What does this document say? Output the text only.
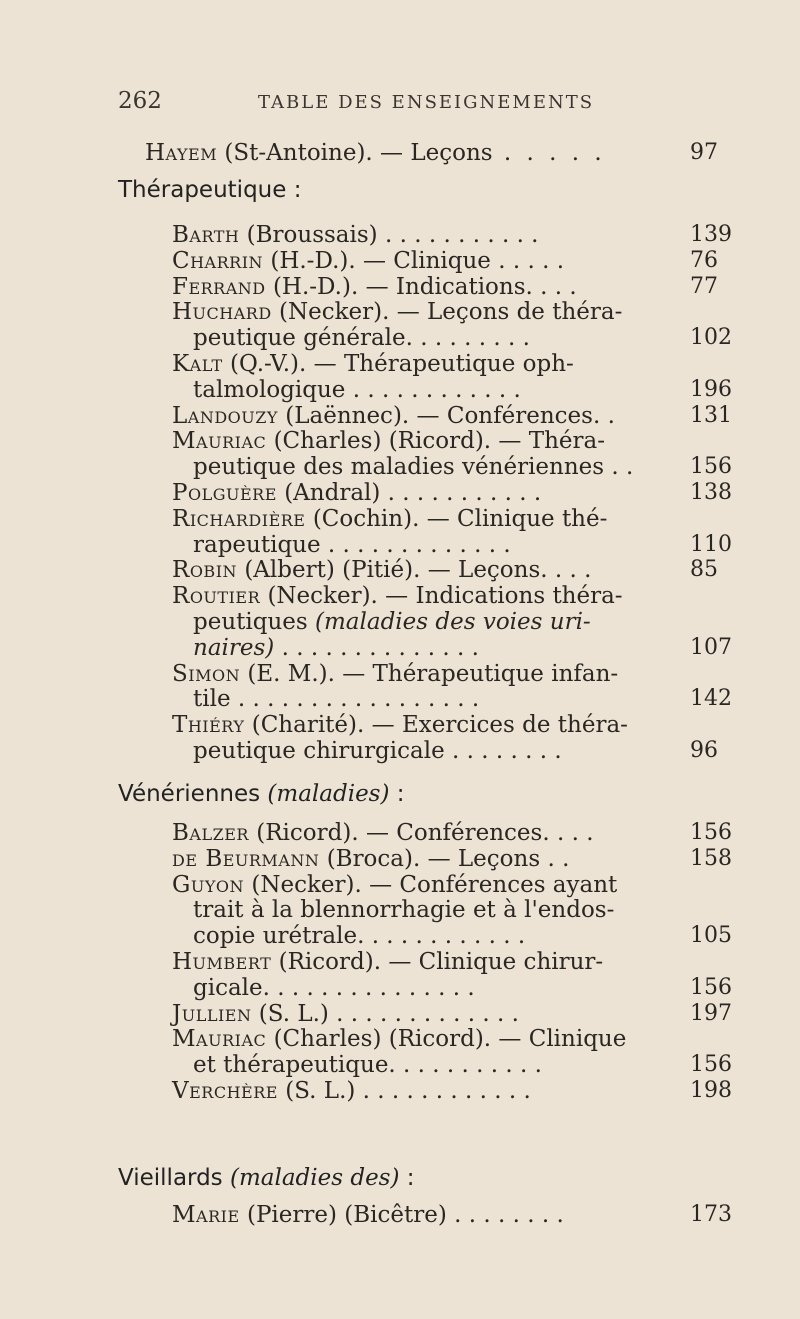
262	TABLE DES ENSEIGNEMENTS
Hayem (St-Antoine). — Leçons . . . . .	97
Thérapeutique :
Barth (Broussais) . . . . . . . . . . .	139
Charrin (H.-D.). — Clinique . . . . .	76
Ferrand (H.-D.). — Indications. . . .	77
Huchard (Necker). — Leçons de théra-
peutique générale. . . . . . . . .	102
Kalt (Q.-V.). — Thérapeutique oph-
talmologique . . . . . . . . . . . .	196
Landouzy (Laënnec). — Conférences. .	131
Mauriac (Charles) (Ricord). — Théra-
peutique des maladies vénériennes . .	156
Polguère (Andral) . . . . . . . . . . .	138
Richardière (Cochin). — Clinique thé-
rapeutique . . . . . . . . . . . . .	110
Robin (Albert) (Pitié). — Leçons. . . .	85
Routier (Necker). — Indications théra-
peutiques (maladies des voies uri-
naires) . . . . . . . . . . . . . .	107
Simon (E. M.). — Thérapeutique infan-
tile . . . . . . . . . . . . . . . . .	142
Thiéry (Charité). — Exercices de théra-
peutique chirurgicale . . . . . . . .	96
Vénériennes (maladies) :
Balzer (Ricord). — Conférences. . . .	156
de Beurmann (Broca). — Leçons . .	158
Guyon (Necker). — Conférences ayant
trait à la blennorrhagie et à l'endos-
copie urétrale. . . . . . . . . . . .	105
Humbert (Ricord). — Clinique chirur-
gicale. . . . . . . . . . . . . . .	156
Jullien (S. L.) . . . . . . . . . . . . .	197
Mauriac (Charles) (Ricord). — Clinique
et thérapeutique. . . . . . . . . . .	156
Verchère (S. L.) . . . . . . . . . . . .	198
Vieillards (maladies des) :
Marie (Pierre) (Bicêtre) . . . . . . . .	173
